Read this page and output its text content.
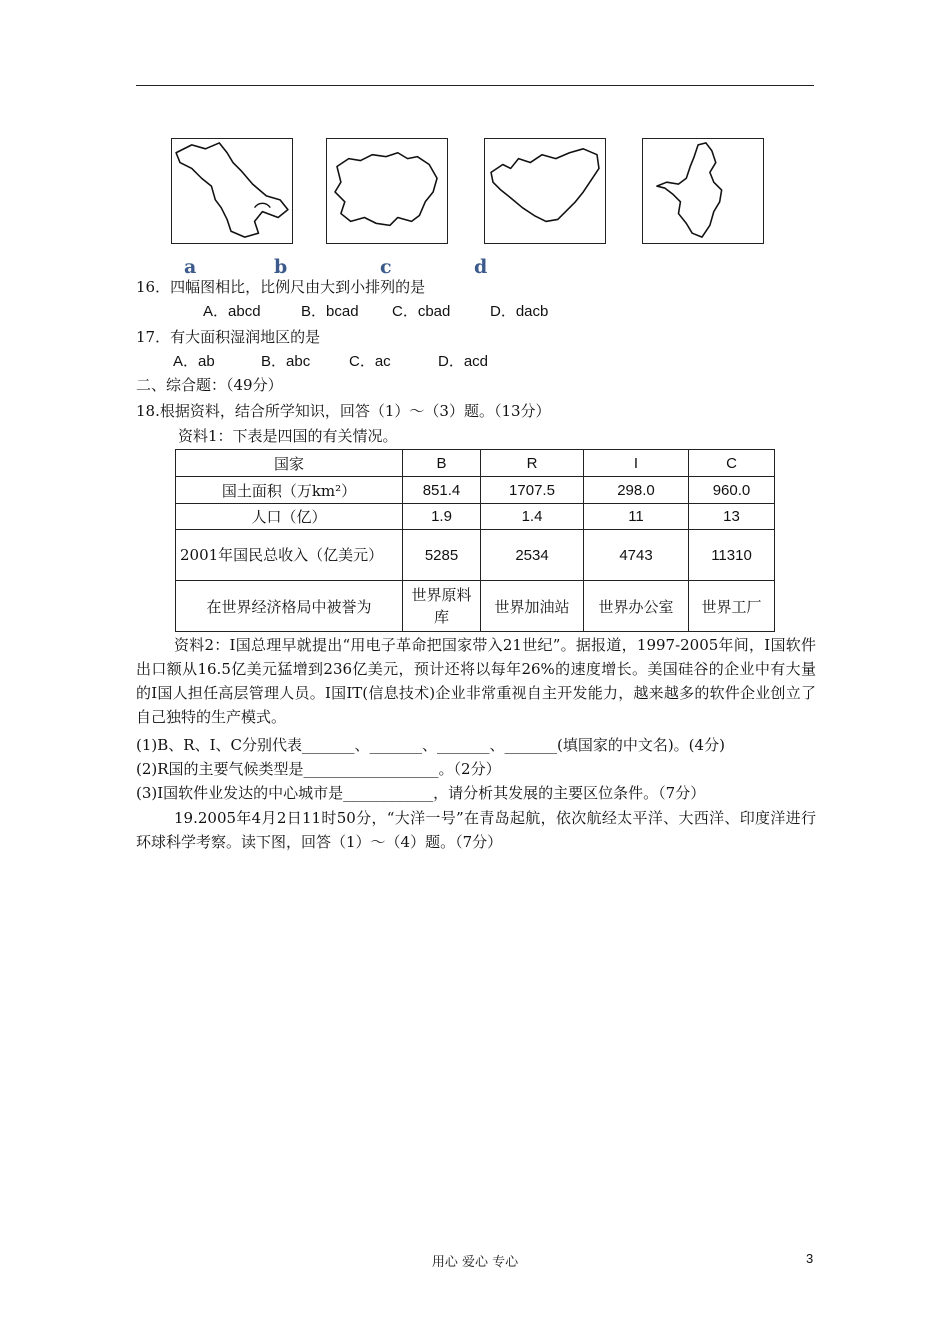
a	b	c	d
16．四幅图相比，比例尺由大到小排列的是
A．abcd	B．bcad C．cbad	D．dacb
17．有大面积湿润地区的是
A．ab	B．abc	C．ac	D．acd
二、综合题：（49分）
18.根据资料，结合所学知识，回答（1）～（3）题。（13分）
资料1：下表是四国的有关情况。
国家	B	R	I	C
国土面积（万km²）	851.4	1707.5	298.0	960.0
人口（亿）	1.9	1.4	11	13
2001年国民总收入（亿美元）	5285	2534	4743	11310
在世界经济格局中被誉为	世界原料库	世界加油站	世界办公室	世界工厂
资料2：I国总理早就提出“用电子革命把国家带入21世纪”。据报道，1997-2005年间，I国软件出口额从16.5亿美元猛增到236亿美元，预计还将以每年26%的速度增长。美国硅谷的企业中有大量的I国人担任高层管理人员。I国IT(信息技术)企业非常重视自主开发能力，越来越多的软件企业创立了自己独特的生产模式。
(1)B、R、I、C分别代表_______、_______、_______、_______(填国家的中文名)。(4分)
(2)R国的主要气候类型是__________________。（2分）
(3)I国软件业发达的中心城市是____________，请分析其发展的主要区位条件。（7分）
19.2005年4月2日11时50分，“大洋一号”在青岛起航，依次航经太平洋、大西洋、印度洋进行环球科学考察。读下图，回答（1）～（4）题。（7分）
用心 爱心 专心	3
